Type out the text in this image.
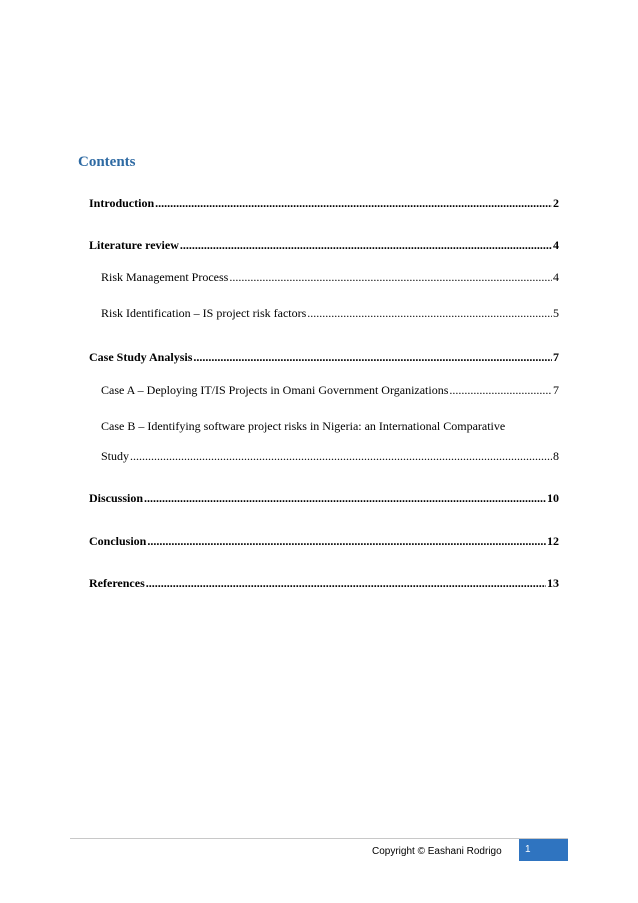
Contents
Introduction .....	2
Literature review .....	4
Risk Management Process .....	4
Risk Identification – IS project risk factors .....	5
Case Study Analysis .....	7
Case A – Deploying IT/IS Projects in Omani Government Organizations .....	7
Case B – Identifying software project risks in Nigeria: an International Comparative
Study .....	8
Discussion .....	10
Conclusion .....	12
References .....	13
Copyright © Eashani Rodrigo	1
